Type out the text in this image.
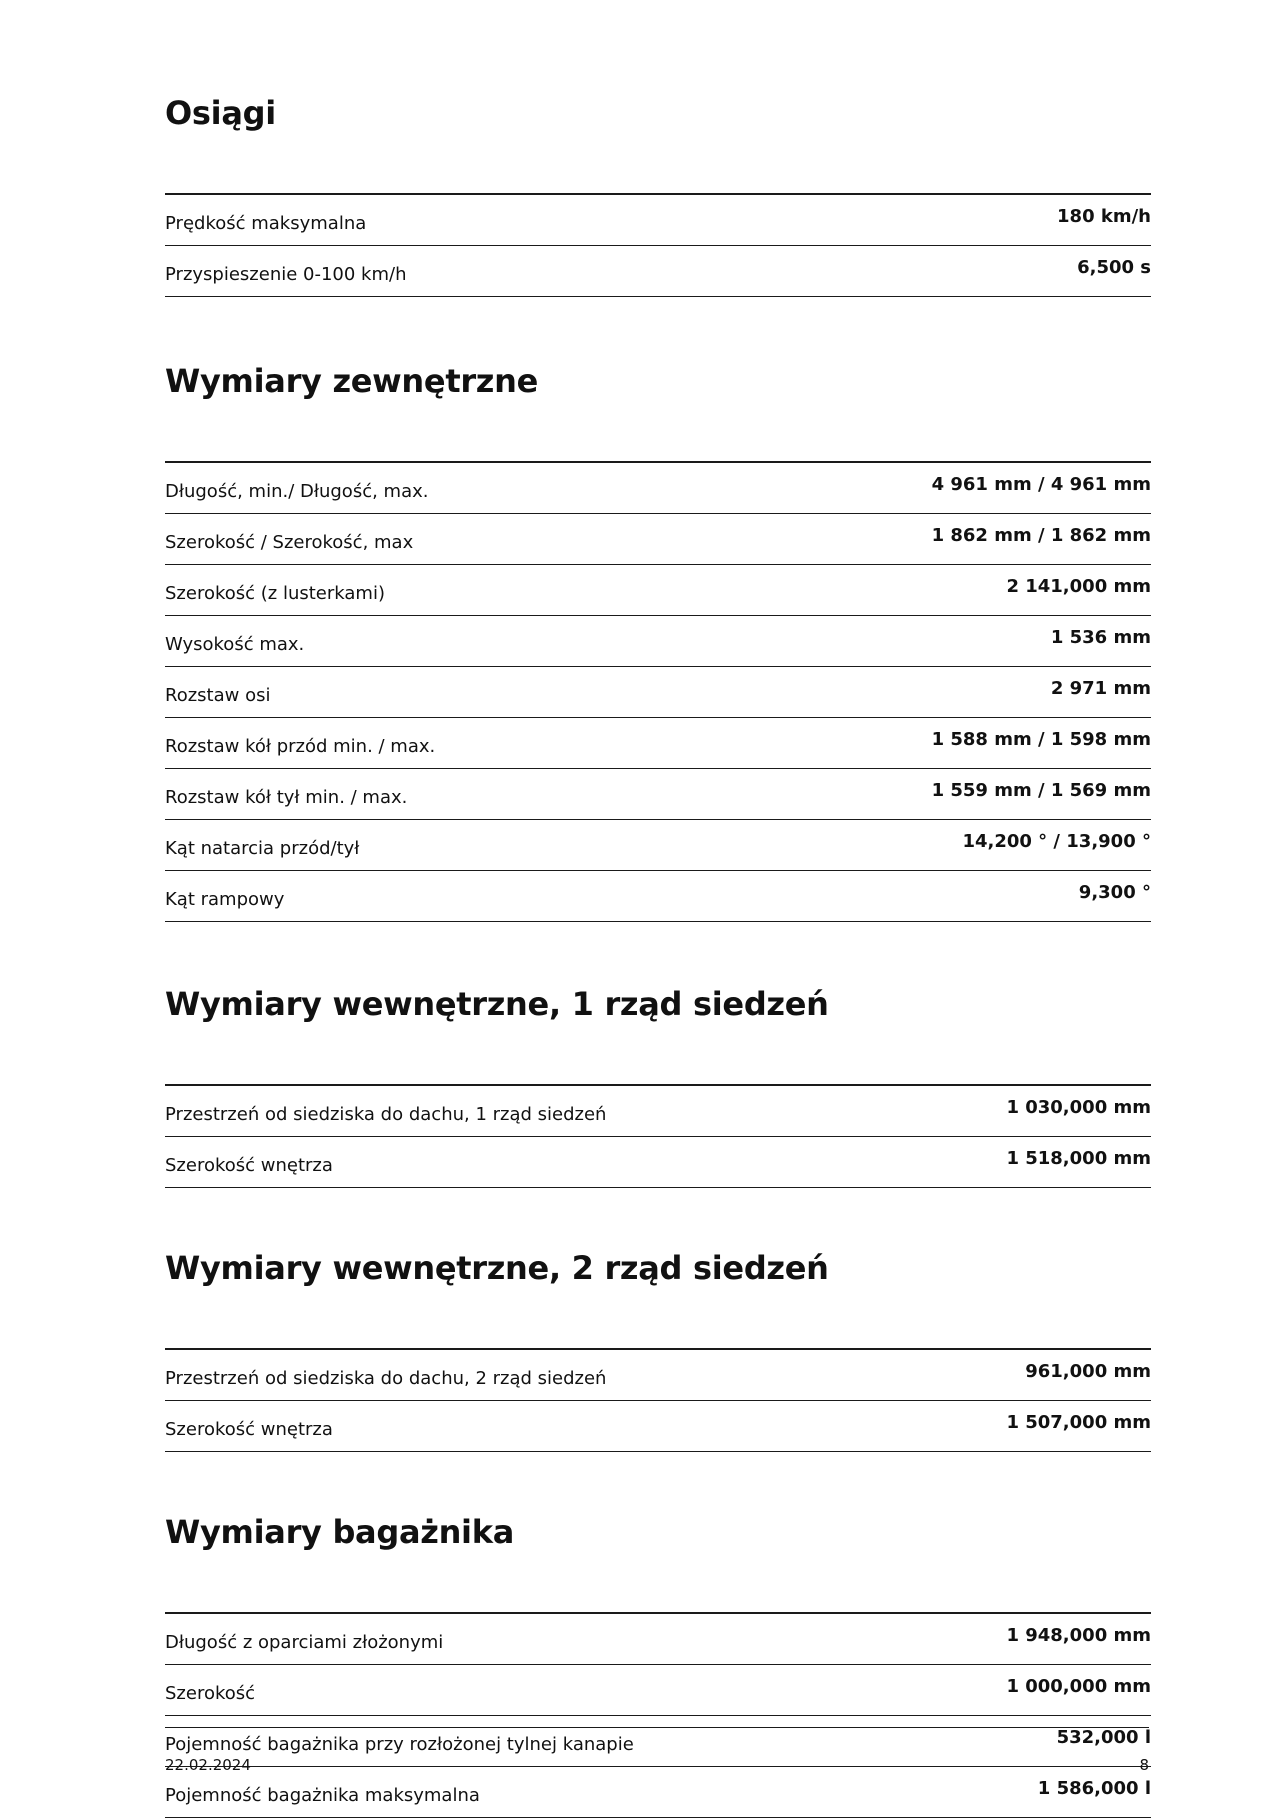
Osiągi
Prędkość maksymalna	180 km/h
Przyspieszenie 0-100 km/h	6,500 s
Wymiary zewnętrzne
Długość, min./ Długość, max.	4 961 mm / 4 961 mm
Szerokość / Szerokość, max	1 862 mm / 1 862 mm
Szerokość (z lusterkami)	2 141,000 mm
Wysokość max.	1 536 mm
Rozstaw osi	2 971 mm
Rozstaw kół przód min. / max.	1 588 mm / 1 598 mm
Rozstaw kół tył min. / max.	1 559 mm / 1 569 mm
Kąt natarcia przód/tył	14,200 ° / 13,900 °
Kąt rampowy	9,300 °
Wymiary wewnętrzne, 1 rząd siedzeń
Przestrzeń od siedziska do dachu, 1 rząd siedzeń	1 030,000 mm
Szerokość wnętrza	1 518,000 mm
Wymiary wewnętrzne, 2 rząd siedzeń
Przestrzeń od siedziska do dachu, 2 rząd siedzeń	961,000 mm
Szerokość wnętrza	1 507,000 mm
Wymiary bagażnika
Długość z oparciami złożonymi	1 948,000 mm
Szerokość	1 000,000 mm
Pojemność bagażnika przy rozłożonej tylnej kanapie	532,000 l
Pojemność bagażnika maksymalna	1 586,000 l
22.02.2024	8
